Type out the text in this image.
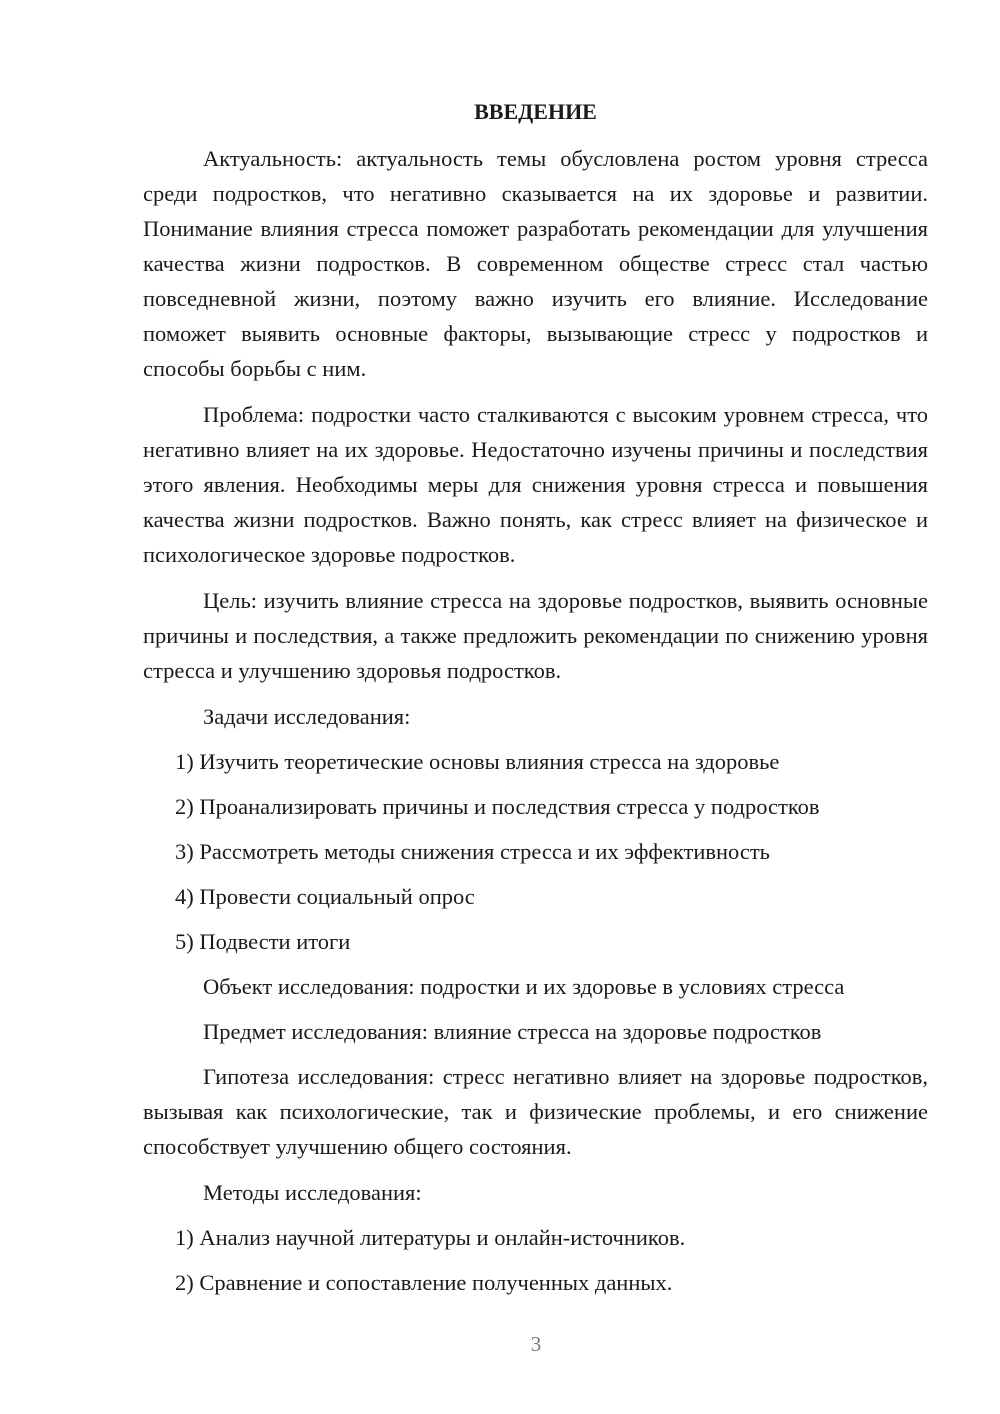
ВВЕДЕНИЕ

Актуальность: актуальность темы обусловлена ростом уровня стресса среди подростков, что негативно сказывается на их здоровье и развитии. Понимание влияния стресса поможет разработать рекомендации для улучшения качества жизни подростков. В современном обществе стресс стал частью повседневной жизни, поэтому важно изучить его влияние. Исследование поможет выявить основные факторы, вызывающие стресс у подростков и способы борьбы с ним.

Проблема: подростки часто сталкиваются с высоким уровнем стресса, что негативно влияет на их здоровье. Недостаточно изучены причины и последствия этого явления. Необходимы меры для снижения уровня стресса и повышения качества жизни подростков. Важно понять, как стресс влияет на физическое и психологическое здоровье подростков.

Цель: изучить влияние стресса на здоровье подростков, выявить основные причины и последствия, а также предложить рекомендации по снижению уровня стресса и улучшению здоровья подростков.

Задачи исследования:
1) Изучить теоретические основы влияния стресса на здоровье
2) Проанализировать причины и последствия стресса у подростков
3) Рассмотреть методы снижения стресса и их эффективность
4) Провести социальный опрос
5) Подвести итоги
Объект исследования: подростки и их здоровье в условиях стресса
Предмет исследования: влияние стресса на здоровье подростков

Гипотеза исследования: стресс негативно влияет на здоровье подростков, вызывая как психологические, так и физические проблемы, и его снижение способствует улучшению общего состояния.

Методы исследования:
1) Анализ научной литературы и онлайн-источников.
2) Сравнение и сопоставление полученных данных.
3
